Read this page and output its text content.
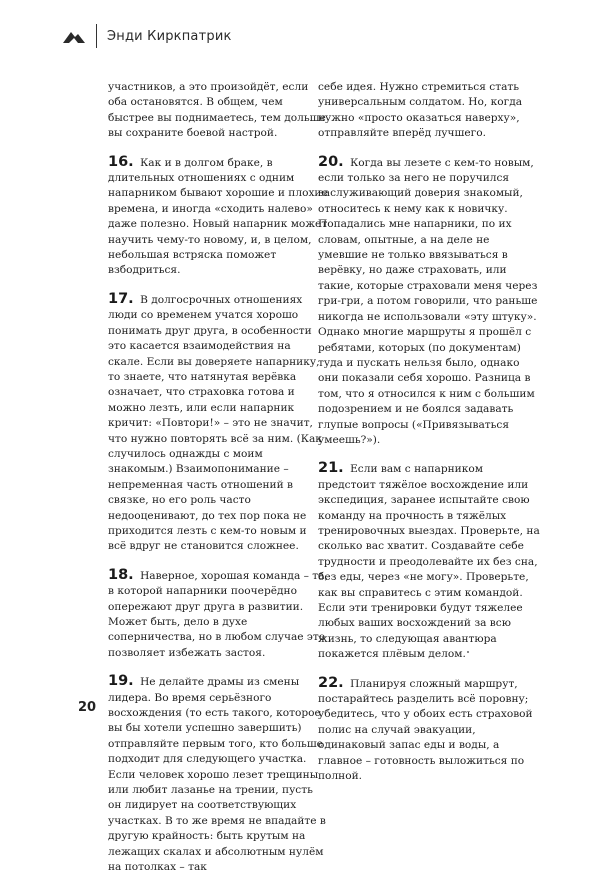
Энди Киркпатрик

участников, а это произойдёт, если оба остановятся. В общем, чем быстрее вы поднимаетесь, тем дольше вы сохраните боевой настрой.

16. Как и в долгом браке, в длительных отношениях с одним напарником бывают хорошие и плохие времена, и иногда «сходить налево» даже полезно. Новый напарник может научить чему-то новому, и, в целом, небольшая встряска поможет взбодриться.

17. В долгосрочных отношениях люди со временем учатся хорошо понимать друг друга, в особенности это касается взаимодействия на скале. Если вы доверяете напарнику, то знаете, что натянутая верёвка означает, что страховка готова и можно лезть, или если напарник кричит: «Повтори!» – это не значит, что нужно повторять всё за ним. (Как случилось однажды с моим знакомым.) Взаимопонимание – непременная часть отношений в связке, но его роль часто недооценивают, до тех пор пока не приходится лезть с кем-то новым и всё вдруг не становится сложнее.

18. Наверное, хорошая команда – та, в которой напарники поочерёдно опережают друг друга в развитии. Может быть, дело в духе соперничества, но в любом случае это позволяет избежать застоя.

19. Не делайте драмы из смены лидера. Во время серьёзного восхождения (то есть такого, которое вы бы хотели успешно завершить) отправляйте первым того, кто больше подходит для следующего участка. Если человек хорошо лезет трещины или любит лазанье на трении, пусть он лидирует на соответствующих участках. В то же время не впадайте в другую крайность: быть крутым на лежащих скалах и абсолютным нулём на потолках – так

себе идея. Нужно стремиться стать универсальным солдатом. Но, когда нужно «просто оказаться наверху», отправляйте вперёд лучшего.

20. Когда вы лезете с кем-то новым, если только за него не поручился заслуживающий доверия знакомый, относитесь к нему как к новичку. Попадались мне напарники, по их словам, опытные, а на деле не умевшие не только ввязываться в верёвку, но даже страховать, или такие, которые страховали меня через гри-гри, а потом говорили, что раньше никогда не использовали «эту штуку». Однако многие маршруты я прошёл с ребятами, которых (по документам) туда и пускать нельзя было, однако они показали себя хорошо. Разница в том, что я относился к ним с большим подозрением и не боялся задавать глупые вопросы («Привязываться умеешь?»).

21. Если вам с напарником предстоит тяжёлое восхождение или экспедиция, заранее испытайте свою команду на прочность в тяжёлых тренировочных выездах. Проверьте, на сколько вас хватит. Создавайте себе трудности и преодолевайте их без сна, без еды, через «не могу». Проверьте, как вы справитесь с этим командой. Если эти тренировки будут тяжелее любых ваших восхождений за всю жизнь, то следующая авантюра покажется плёвым делом.

22. Планируя сложный маршрут, постарайтесь разделить всё поровну; убедитесь, что у обоих есть страховой полис на случай эвакуации, одинаковый запас еды и воды, а главное – готовность выложиться по полной.

20
